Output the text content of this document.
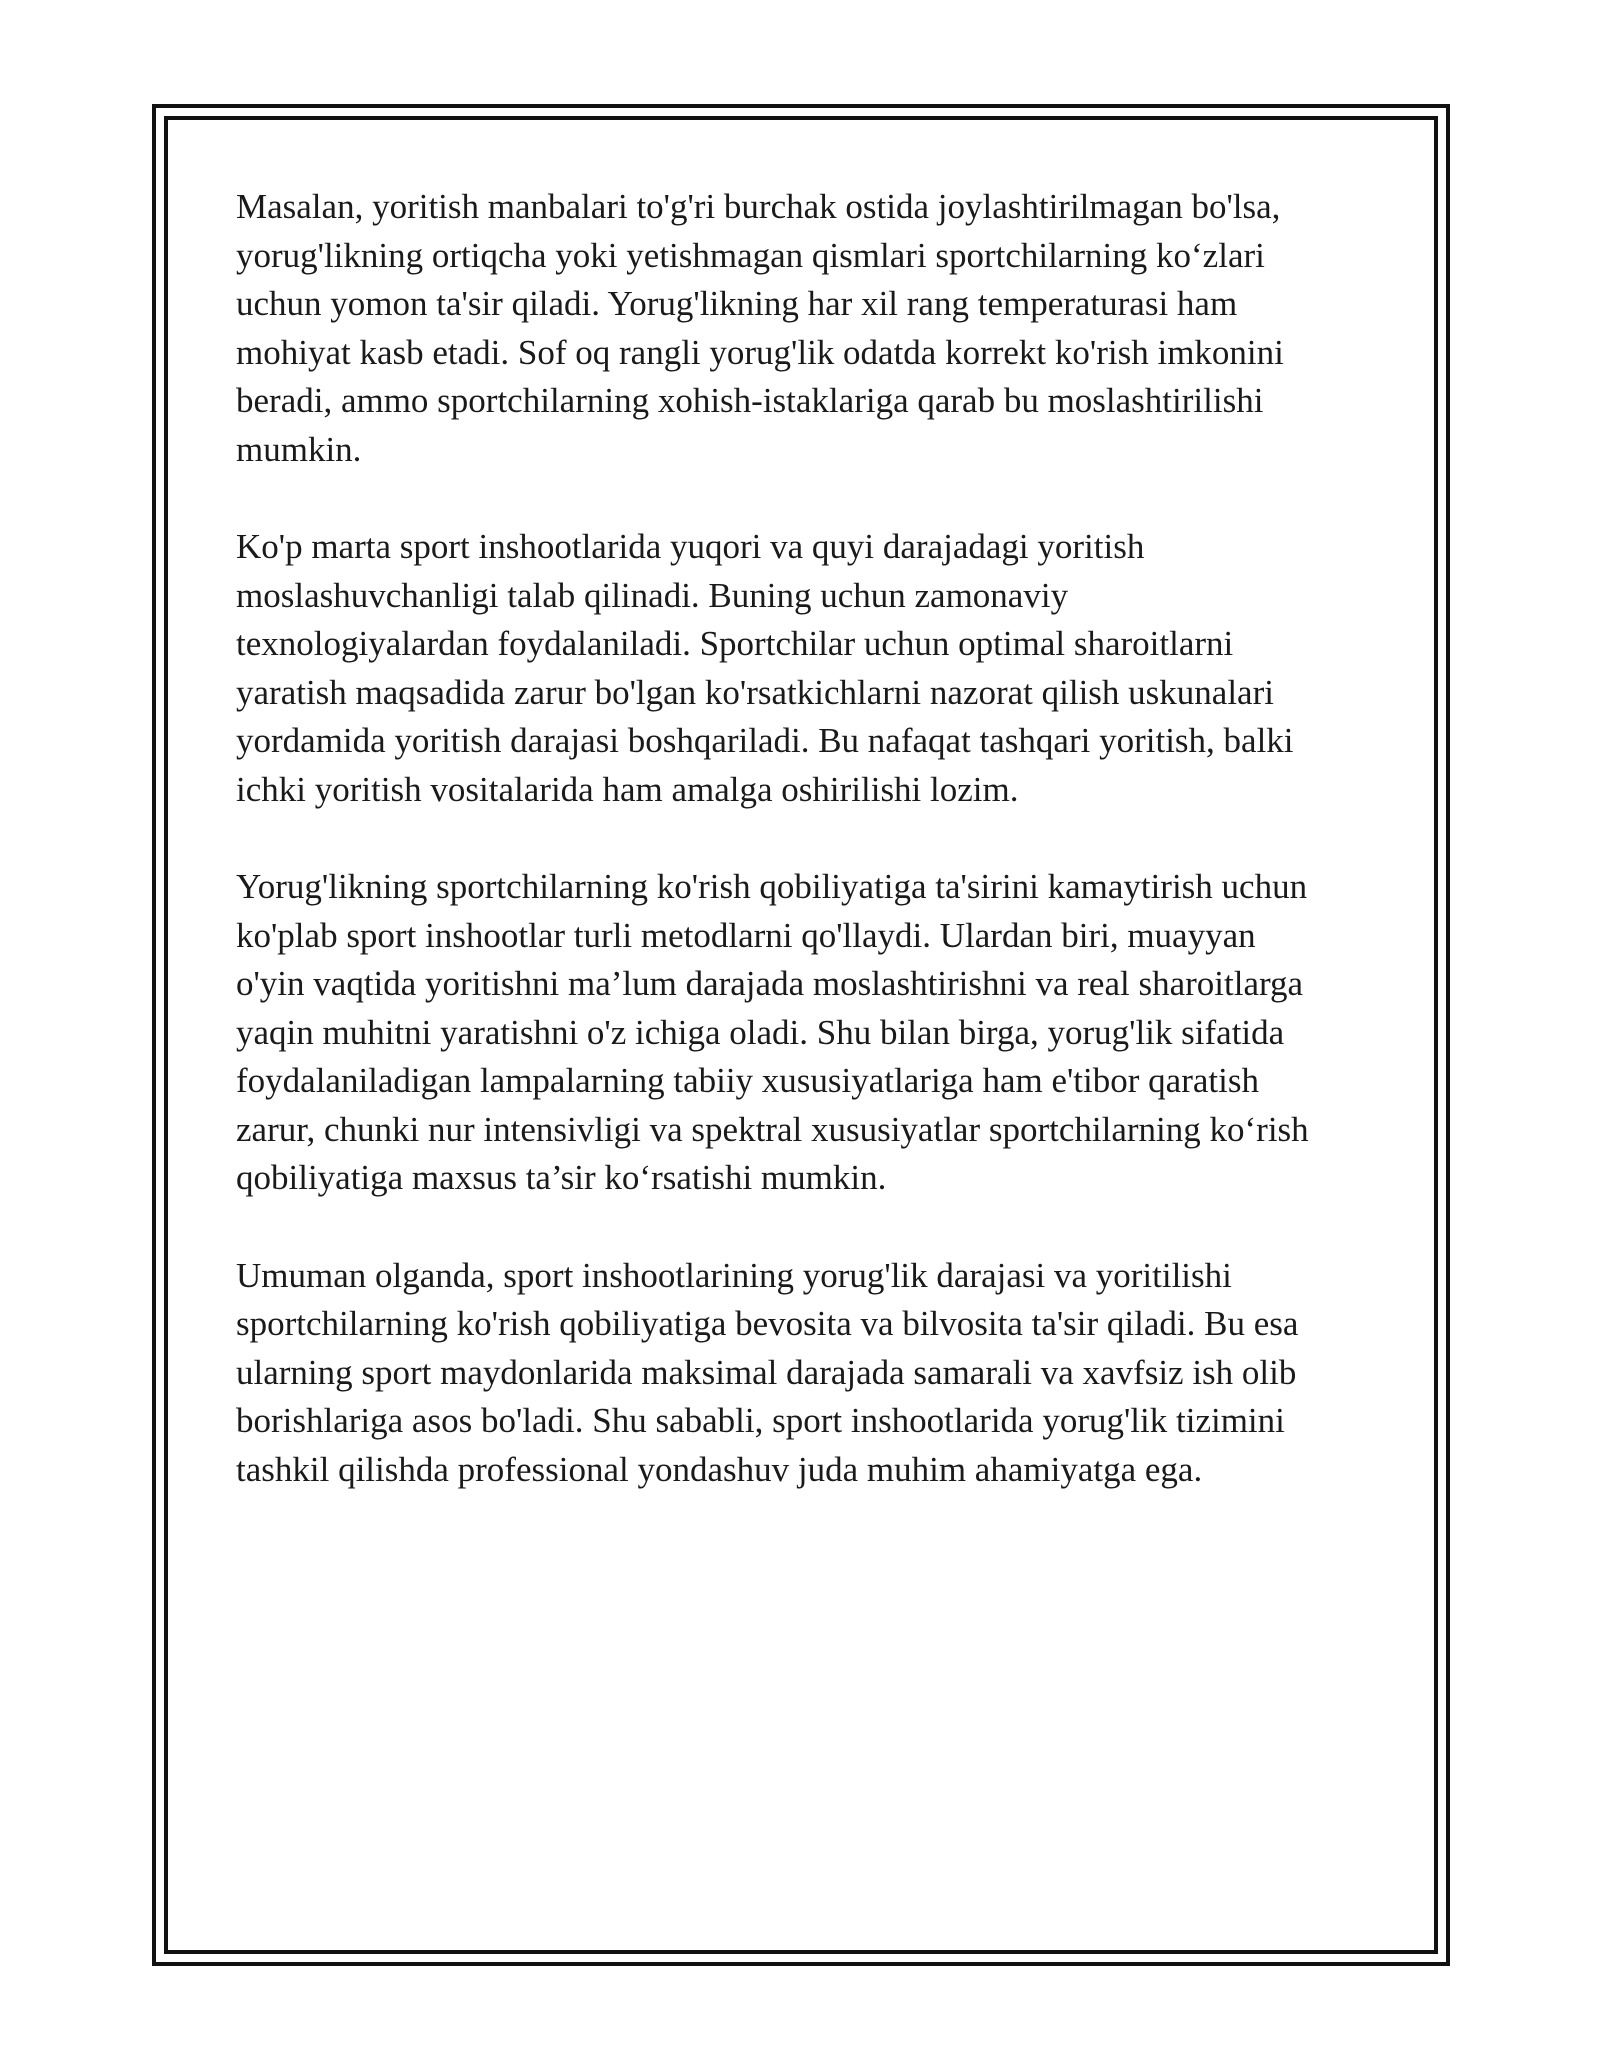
Masalan, yoritish manbalari to'g'ri burchak ostida joylashtirilmagan bo'lsa,
yorug'likning ortiqcha yoki yetishmagan qismlari sportchilarning ko‘zlari
uchun yomon ta'sir qiladi. Yorug'likning har xil rang temperaturasi ham
mohiyat kasb etadi. Sof oq rangli yorug'lik odatda korrekt ko'rish imkonini
beradi, ammo sportchilarning xohish-istaklariga qarab bu moslashtirilishi
mumkin.

Ko'p marta sport inshootlarida yuqori va quyi darajadagi yoritish
moslashuvchanligi talab qilinadi. Buning uchun zamonaviy
texnologiyalardan foydalaniladi. Sportchilar uchun optimal sharoitlarni
yaratish maqsadida zarur bo'lgan ko'rsatkichlarni nazorat qilish uskunalari
yordamida yoritish darajasi boshqariladi. Bu nafaqat tashqari yoritish, balki
ichki yoritish vositalarida ham amalga oshirilishi lozim.

Yorug'likning sportchilarning ko'rish qobiliyatiga ta'sirini kamaytirish uchun
ko'plab sport inshootlar turli metodlarni qo'llaydi. Ulardan biri, muayyan
o'yin vaqtida yoritishni ma’lum darajada moslashtirishni va real sharoitlarga
yaqin muhitni yaratishni o'z ichiga oladi. Shu bilan birga, yorug'lik sifatida
foydalaniladigan lampalarning tabiiy xususiyatlariga ham e'tibor qaratish
zarur, chunki nur intensivligi va spektral xususiyatlar sportchilarning ko‘rish
qobiliyatiga maxsus ta’sir ko‘rsatishi mumkin.

Umuman olganda, sport inshootlarining yorug'lik darajasi va yoritilishi
sportchilarning ko'rish qobiliyatiga bevosita va bilvosita ta'sir qiladi. Bu esa
ularning sport maydonlarida maksimal darajada samarali va xavfsiz ish olib
borishlariga asos bo'ladi. Shu sababli, sport inshootlarida yorug'lik tizimini
tashkil qilishda professional yondashuv juda muhim ahamiyatga ega.
